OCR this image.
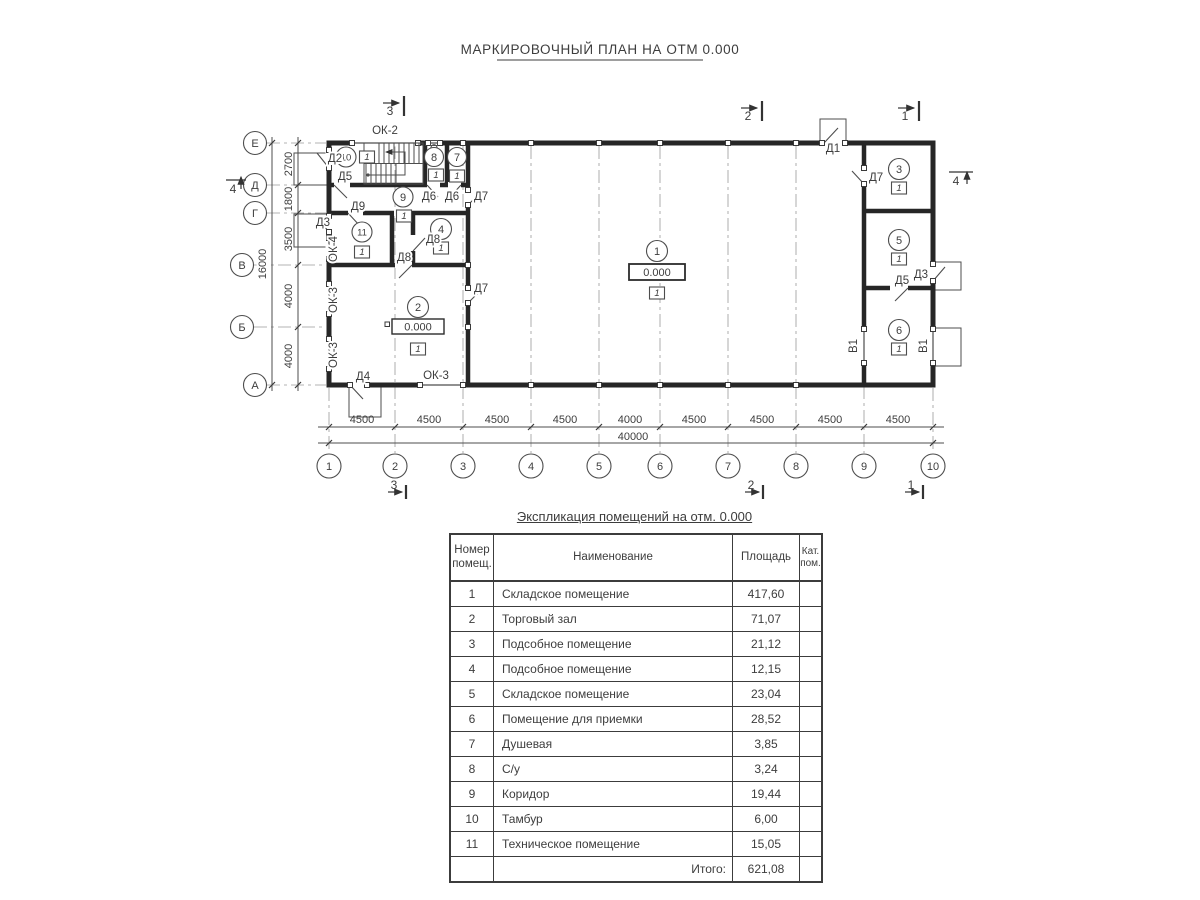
МАРКИРОВОЧНЫЙ ПЛАН НА ОТМ 0.000
1
0.000
1
2
0.000
1
3
1
4
1
5
1
6
1
7
1
8
1
9
1
10 1
11
1
ОК-2
Д2
Д5
Д6 Д6 Д7
Д9
Д8
Д8
Д7
Д3
ОК-4
ОК-3
ОК-3
Д4	ОК-3
Д1
Д7
Д3
Д5
В1	В1
4500	4500	4500	4500	4000	4500	4500	4500	4500
40000
2700
1800
3500
4000
4000
16000
1	2	3	4	5	6	7	8	9	10
Е
Д
Г
В
Б
А
3	2	1
3	2	1
4
4
Экспликация помещений на отм. 0.000
Номер помещ.
Наименование	Площадь	Кат. пом.
1	Складское помещение	417,60
2	Торговый зал	71,07
3	Подсобное помещение	21,12
4	Подсобное помещение	12,15
5	Складское помещение	23,04
6	Помещение для приемки	28,52
7	Душевая	3,85
8	С/у	3,24
9	Коридор	19,44
10	Тамбур	6,00
11	Техническое помещение	15,05
Итого:	621,08
